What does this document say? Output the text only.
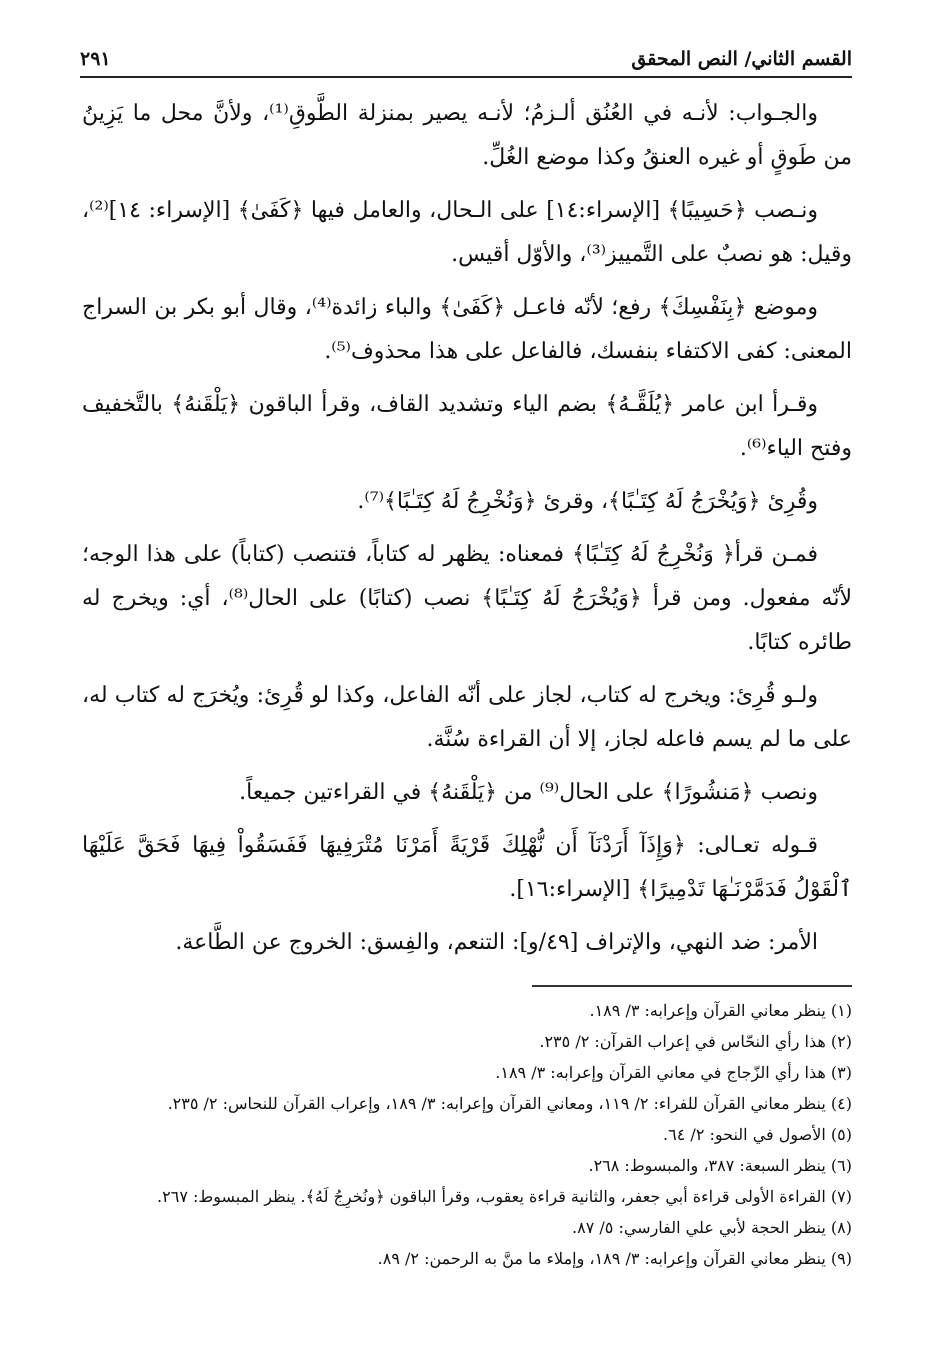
القسم الثاني/ النص المحقق
٢٩١

والجـواب: لأنـه في العُنُق ألـزمُ؛ لأنـه يصير بمنزلة الطَّوقِ⁽¹⁾، ولأنَّ محل ما يَزِينُ من طَوقٍ أو غيره العنقُ وكذا موضع الغُلِّ.

ونـصب ﴿حَسِيبًا﴾ [الإسراء:١٤] على الـحال، والعامل فيها ﴿كَفَىٰ﴾ [الإسراء: ١٤]⁽²⁾، وقيل: هو نصبٌ على التَّمييز⁽³⁾، والأوّل أقيس.

وموضع ﴿بِنَفْسِكَ﴾ رفع؛ لأنّه فاعـل ﴿كَفَىٰ﴾ والباء زائدة⁽⁴⁾، وقال أبو بكر بن السراج المعنى: كفى الاكتفاء بنفسك، فالفاعل على هذا محذوف⁽⁵⁾.

وقـرأ ابن عامر ﴿يُلَقَّـهُ﴾ بضم الياء وتشديد القاف، وقرأ الباقون ﴿يَلْقَنهُ﴾ بالتَّخفيف وفتح الياء⁽⁶⁾.

وقُرِئ ﴿وَيُخْرَجُ لَهُ كِتَـٰبًا﴾، وقرئ ﴿وَنُخْرِجُ لَهُ كِتَـٰبًا﴾⁽⁷⁾.

فمـن قرأ﴿ وَنُخْرِجُ لَهُ كِتَـٰبًا﴾ فمعناه: يظهر له كتاباً، فتنصب (كتاباً) على هذا الوجه؛ لأنّه مفعول. ومن قرأ ﴿وَيُخْرَجُ لَهُ كِتَـٰبًا﴾ نصب (كتابًا) على الحال⁽⁸⁾، أي: ويخرج له طائره كتابًا.

ولـو قُرِئ: ويخرج له كتاب، لجاز على أنّه الفاعل، وكذا لو قُرِئ: ويُخرَج له كتاب له، على ما لم يسم فاعله لجاز، إلا أن القراءة سُنَّة.

ونصب ﴿مَنشُورًا﴾ على الحال⁽⁹⁾ من ﴿يَلْقَنهُ﴾ في القراءتين جميعاً.

قـوله تعـالى: ﴿وَإِذَآ أَرَدْنَآ أَن نُّهْلِكَ قَرْيَةً أَمَرْنَا مُتْرَفِيهَا فَفَسَقُواْ فِيهَا فَحَقَّ عَلَيْهَا ٱلْقَوْلُ فَدَمَّرْنَـٰهَا تَدْمِيرًا﴾ [الإسراء:١٦].

الأمر: ضد النهي، والإتراف [٤٩/و]: التنعم، والفِسق: الخروج عن الطَّاعة.

(١) ينظر معاني القرآن وإعرابه: ٣/ ١٨٩.
(٢) هذا رأي النحّاس في إعراب القرآن: ٢/ ٢٣٥.
(٣) هذا رأي الزّجاج في معاني القرآن وإعرابه: ٣/ ١٨٩.
(٤) ينظر معاني القرآن للفراء: ٢/ ١١٩، ومعاني القرآن وإعرابه: ٣/ ١٨٩، وإعراب القرآن للنحاس: ٢/ ٢٣٥.
(٥) الأصول في النحو: ٢/ ٦٤.
(٦) ينظر السبعة: ٣٨٧، والمبسوط: ٢٦٨.
(٧) القراءة الأولى قراءة أبي جعفر، والثانية قراءة يعقوب، وقرأ الباقون ﴿ونُخرِجُ لَهُ﴾. ينظر المبسوط: ٢٦٧.
(٨) ينظر الحجة لأبي علي الفارسي: ٥/ ٨٧.
(٩) ينظر معاني القرآن وإعرابه: ٣/ ١٨٩، وإملاء ما منَّ به الرحمن: ٢/ ٨٩.
